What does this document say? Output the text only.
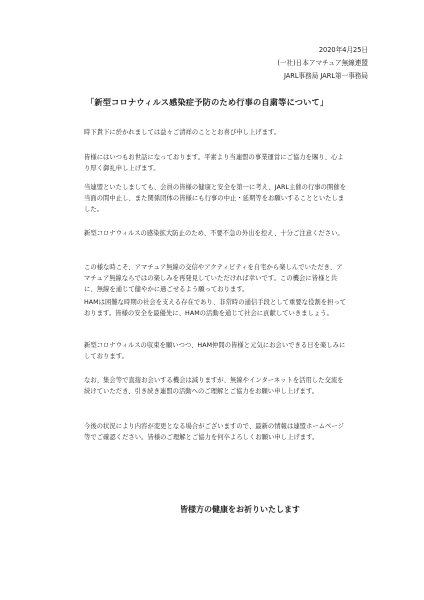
2020年4月25日
(一社)日本アマチュア無線連盟
JARL事務局 JARL第一事務局
「新型コロナウィルス感染症予防のため行事の自粛等について」

時下貴下に於かれましては益々ご清祥のこととお喜び申し上げます。

皆様にはいつもお世話になっております。平素より当連盟の事業運営にご協力を賜り、心より厚く御礼申し上げます。

当連盟といたしましても、会員の皆様の健康と安全を第一に考え、JARL主催の行事の開催を当面の間中止し、また関係団体の皆様にも行事の中止・延期等をお願いすることといたしました。

新型コロナウィルスの感染拡大防止のため、不要不急の外出を控え、十分ご注意ください。

この様な時こそ、アマチュア無線の交信やアクティビティを自宅から楽しんでいただき、アマチュア無線ならではの楽しみを再発見していただければ幸いです。この機会に皆様と共に、無線を通じて健やかに過ごせるよう願っております。

HAMは困難な時期の社会を支える存在であり、非常時の通信手段として重要な役割を担っております。皆様の安全を最優先に、HAMの活動を通じて社会に貢献していきましょう。

新型コロナウィルスの収束を願いつつ、HAM仲間の皆様と元気にお会いできる日を楽しみにしております。

なお、集会等で直接お会いする機会は減りますが、無線やインターネットを活用した交流を続けていただき、引き続き連盟の活動へのご理解とご協力をお願い申し上げます。

今後の状況により内容が変更となる場合がございますので、最新の情報は連盟ホームページ等でご確認ください。皆様のご理解とご協力を何卒よろしくお願い申し上げます。

皆様方の健康をお祈りいたします
